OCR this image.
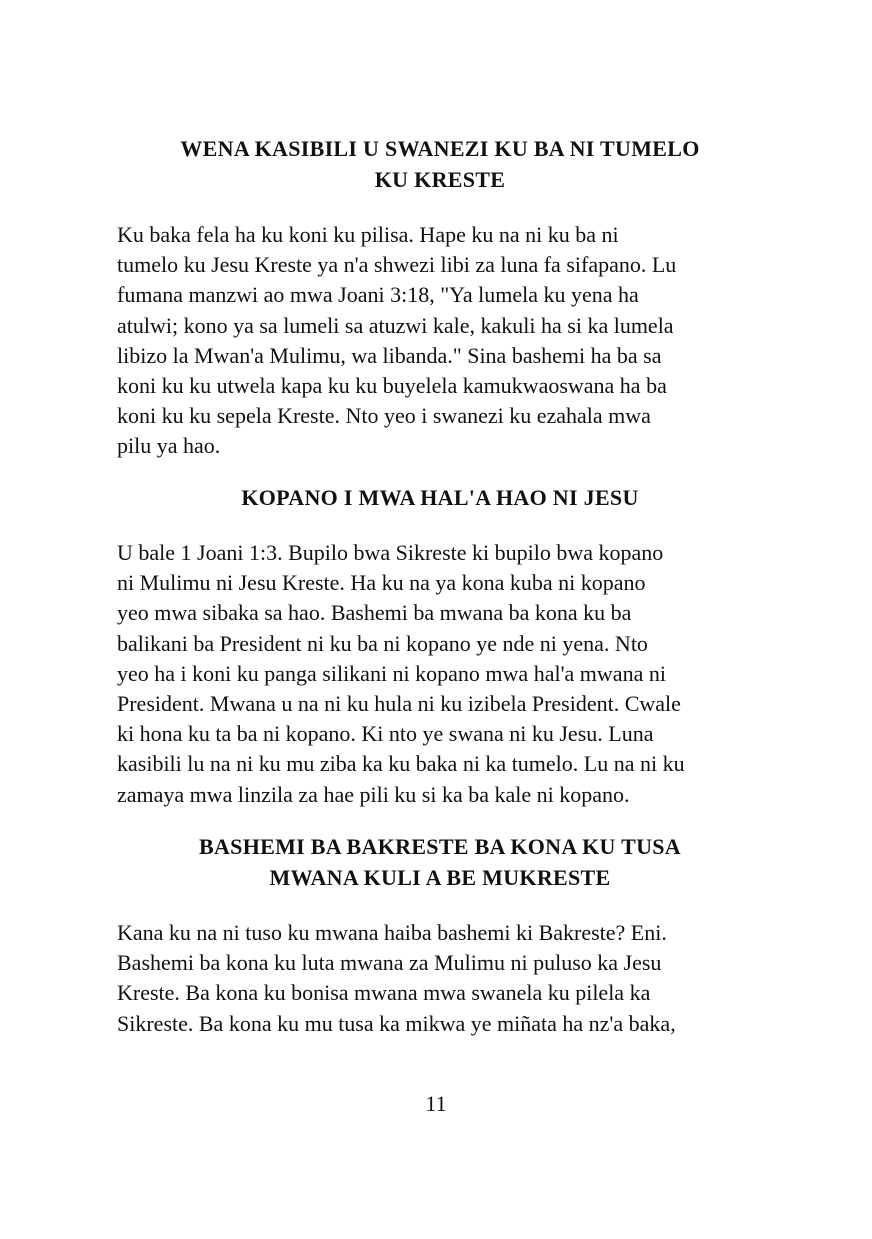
WENA KASIBILI U SWANEZI KU BA NI TUMELO
KU KRESTE
Ku baka fela ha ku koni ku pilisa. Hape ku na ni ku ba ni
tumelo ku Jesu Kreste ya n'a shwezi libi za luna fa sifapano. Lu
fumana manzwi ao mwa Joani 3:18, "Ya lumela ku yena ha
atulwi; kono ya sa lumeli sa atuzwi kale, kakuli ha si ka lumela
libizo la Mwan'a Mulimu, wa libanda." Sina bashemi ha ba sa
koni ku ku utwela kapa ku ku buyelela kamukwaoswana ha ba
koni ku ku sepela Kreste. Nto yeo i swanezi ku ezahala mwa
pilu ya hao.
KOPANO I MWA HAL'A HAO NI JESU
U bale 1 Joani 1:3. Bupilo bwa Sikreste ki bupilo bwa kopano
ni Mulimu ni Jesu Kreste. Ha ku na ya kona kuba ni kopano
yeo mwa sibaka sa hao. Bashemi ba mwana ba kona ku ba
balikani ba President ni ku ba ni kopano ye nde ni yena. Nto
yeo ha i koni ku panga silikani ni kopano mwa hal'a mwana ni
President. Mwana u na ni ku hula ni ku izibela President. Cwale
ki hona ku ta ba ni kopano. Ki nto ye swana ni ku Jesu. Luna
kasibili lu na ni ku mu ziba ka ku baka ni ka tumelo. Lu na ni ku
zamaya mwa linzila za hae pili ku si ka ba kale ni kopano.
BASHEMI BA BAKRESTE BA KONA KU TUSA
MWANA KULI A BE MUKRESTE
Kana ku na ni tuso ku mwana haiba bashemi ki Bakreste? Eni.
Bashemi ba kona ku luta mwana za Mulimu ni puluso ka Jesu
Kreste. Ba kona ku bonisa mwana mwa swanela ku pilela ka
Sikreste. Ba kona ku mu tusa ka mikwa ye miñata ha nz'a baka,
11
